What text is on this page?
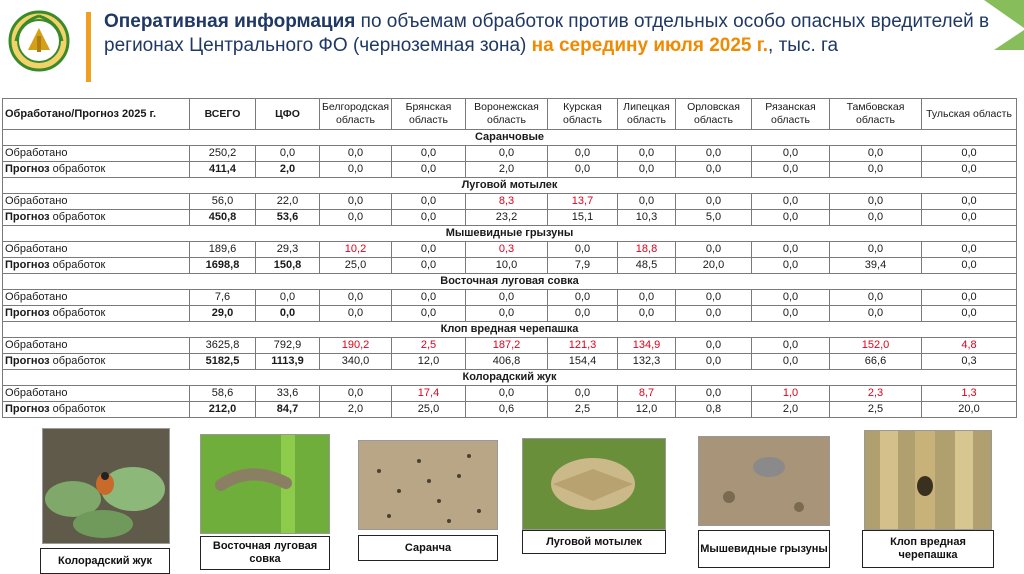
Оперативная информация по объемам обработок против отдельных особо опасных вредителей в регионах Центрального ФО (черноземная зона) на середину июля 2025 г., тыс. га
Обработано/Прогноз 2025 г.	ВСЕГО	ЦФО	Белгородская область	Брянская область	Воронежская область	Курская область	Липецкая область	Орловская область	Рязанская область	Тамбовская область	Тульская область
Саранчовые											
Обработано	250,2	0,0	0,0	0,0	0,0	0,0	0,0	0,0	0,0	0,0	0,0
Прогноз обработок	411,4	2,0	0,0	0,0	2,0	0,0	0,0	0,0	0,0	0,0	0,0
Луговой мотылек											
Обработано	56,0	22,0	0,0	0,0	8,3	13,7	0,0	0,0	0,0	0,0	0,0
Прогноз обработок	450,8	53,6	0,0	0,0	23,2	15,1	10,3	5,0	0,0	0,0	0,0
Мышевидные грызуны											
Обработано	189,6	29,3	10,2	0,0	0,3	0,0	18,8	0,0	0,0	0,0	0,0
Прогноз обработок	1698,8	150,8	25,0	0,0	10,0	7,9	48,5	20,0	0,0	39,4	0,0
Восточная луговая совка											
Обработано	7,6	0,0	0,0	0,0	0,0	0,0	0,0	0,0	0,0	0,0	0,0
Прогноз обработок	29,0	0,0	0,0	0,0	0,0	0,0	0,0	0,0	0,0	0,0	0,0
Клоп вредная черепашка											
Обработано	3625,8	792,9	190,2	2,5	187,2	121,3	134,9	0,0	0,0	152,0	4,8
Прогноз обработок	5182,5	1113,9	340,0	12,0	406,8	154,4	132,3	0,0	0,0	66,6	0,3
Колорадский жук											
Обработано	58,6	33,6	0,0	17,4	0,0	0,0	8,7	0,0	1,0	2,3	1,3
Прогноз обработок	212,0	84,7	2,0	25,0	0,6	2,5	12,0	0,8	2,0	2,5	20,0
Колорадский жук
Восточная луговая совка
Саранча	Луговой мотылек
Мышевидные грызуны
Клоп вредная черепашка
